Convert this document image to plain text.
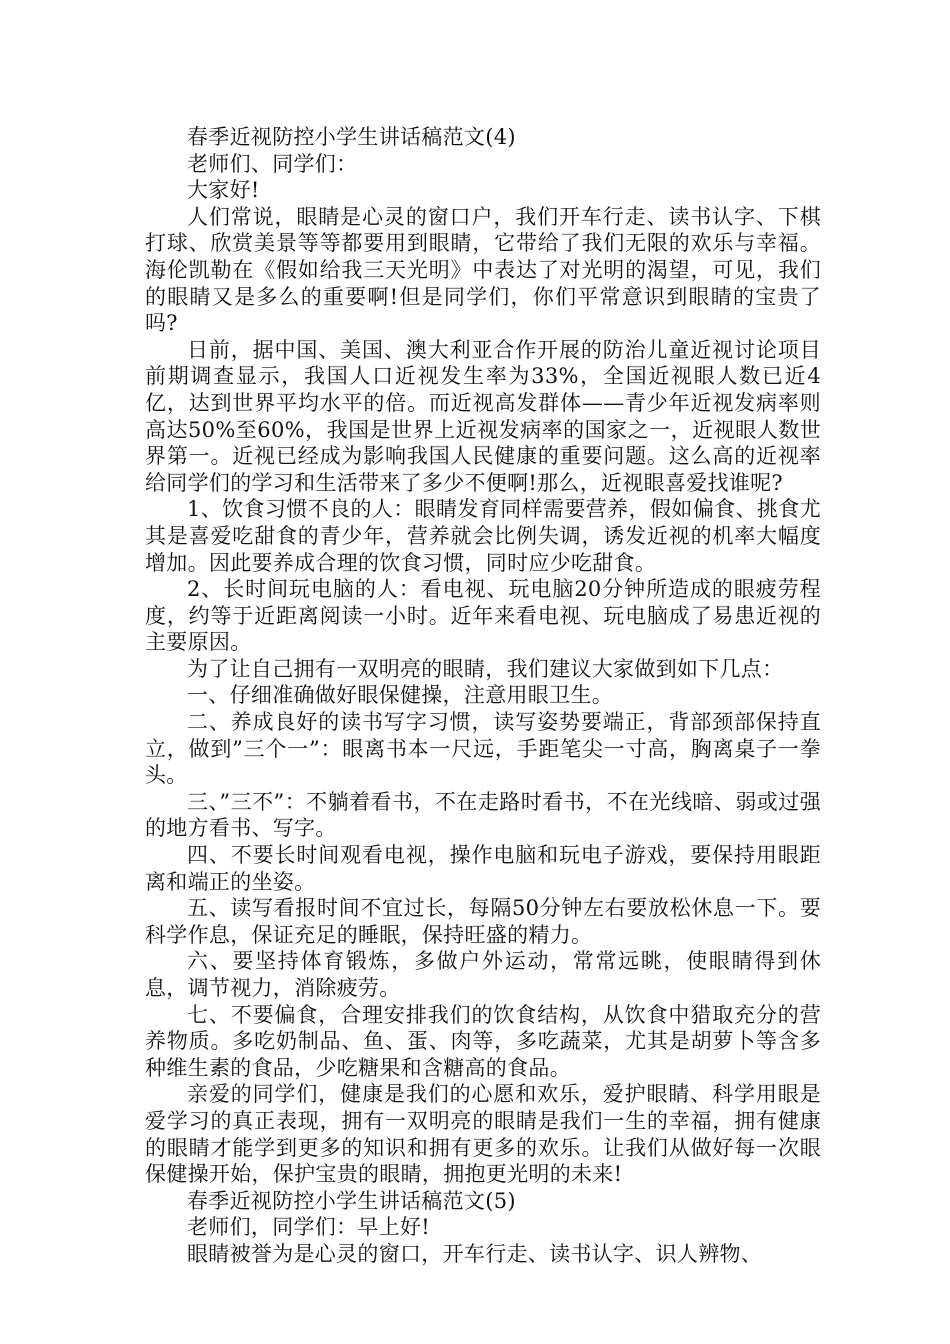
春季近视防控小学生讲话稿范文(4)

老师们、同学们：

大家好!

人们常说，眼睛是心灵的窗口户，我们开车行走、读书认字、下棋打球、欣赏美景等等都要用到眼睛，它带给了我们无限的欢乐与幸福。海伦凯勒在《假如给我三天光明》中表达了对光明的渴望，可见，我们的眼睛又是多么的重要啊!但是同学们，你们平常意识到眼睛的宝贵了吗?

日前，据中国、美国、澳大利亚合作开展的防治儿童近视讨论项目前期调查显示，我国人口近视发生率为33%，全国近视眼人数已近4亿，达到世界平均水平的倍。而近视高发群体——青少年近视发病率则高达50%至60%，我国是世界上近视发病率的国家之一，近视眼人数世界第一。近视已经成为影响我国人民健康的重要问题。这么高的近视率给同学们的学习和生活带来了多少不便啊!那么，近视眼喜爱找谁呢?

1、饮食习惯不良的人：眼睛发育同样需要营养，假如偏食、挑食尤其是喜爱吃甜食的青少年，营养就会比例失调，诱发近视的机率大幅度增加。因此要养成合理的饮食习惯，同时应少吃甜食。

2、长时间玩电脑的人：看电视、玩电脑20分钟所造成的眼疲劳程度，约等于近距离阅读一小时。近年来看电视、玩电脑成了易患近视的主要原因。

为了让自己拥有一双明亮的眼睛，我们建议大家做到如下几点：

一、仔细准确做好眼保健操，注意用眼卫生。

二、养成良好的读书写字习惯，读写姿势要端正，背部颈部保持直立，做到”三个一”：眼离书本一尺远，手距笔尖一寸高，胸离桌子一拳头。

三、”三不”：不躺着看书，不在走路时看书，不在光线暗、弱或过强的地方看书、写字。

四、不要长时间观看电视，操作电脑和玩电子游戏，要保持用眼距离和端正的坐姿。

五、读写看报时间不宜过长，每隔50分钟左右要放松休息一下。要科学作息，保证充足的睡眠，保持旺盛的精力。

六、要坚持体育锻炼，多做户外运动，常常远眺，使眼睛得到休息，调节视力，消除疲劳。

七、不要偏食，合理安排我们的饮食结构，从饮食中猎取充分的营养物质。多吃奶制品、鱼、蛋、肉等，多吃蔬菜，尤其是胡萝卜等含多种维生素的食品，少吃糖果和含糖高的食品。

亲爱的同学们，健康是我们的心愿和欢乐，爱护眼睛、科学用眼是爱学习的真正表现，拥有一双明亮的眼睛是我们一生的幸福，拥有健康的眼睛才能学到更多的知识和拥有更多的欢乐。让我们从做好每一次眼保健操开始，保护宝贵的眼睛，拥抱更光明的未来!

春季近视防控小学生讲话稿范文(5)

老师们，同学们：早上好!

眼睛被誉为是心灵的窗口，开车行走、读书认字、识人辨物、
